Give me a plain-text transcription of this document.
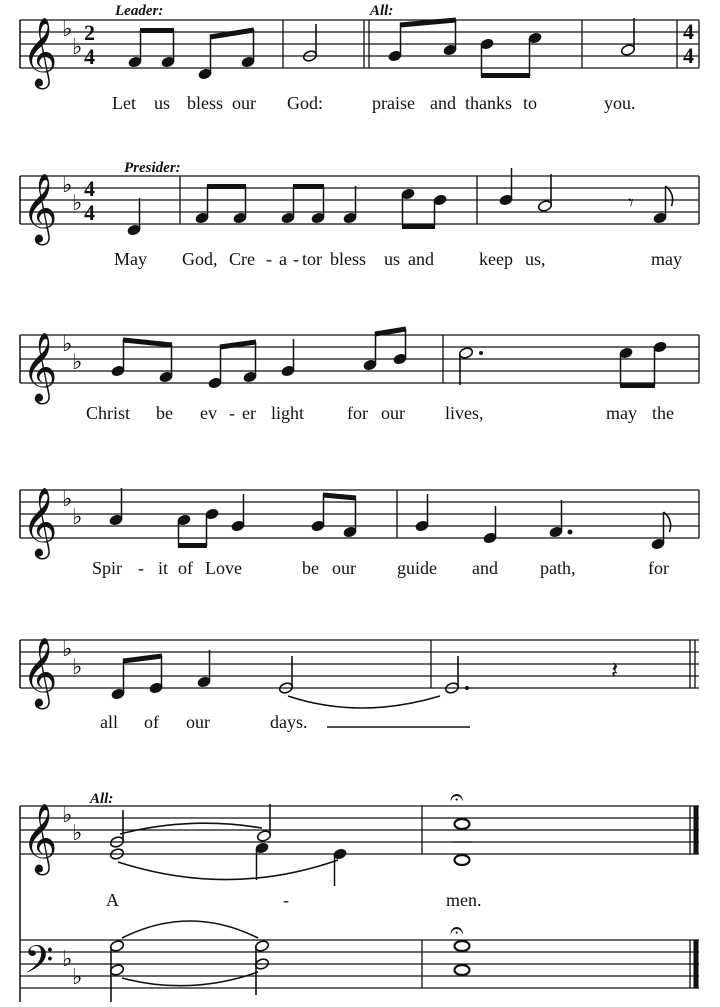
𝄞 ♭
♭
2 4
Leader:	All:
4 4
Let us bless our God:	praise and thanks to	you.
𝄞 ♭
♭
4 4
Presider:
𝄾
May God, Cre - a - tor bless us and	keep us,	may
𝄞 ♭
♭
Christ be ev - er light for our lives,	may the
𝄞 ♭
♭
Spir - it of Love	be our guide and path,	for
𝄞 ♭
♭	𝄽
all of our	days.
All:
𝄞 ♭
♭
𝄐
A	-	men.
𝄢 ♭
♭
𝄐
